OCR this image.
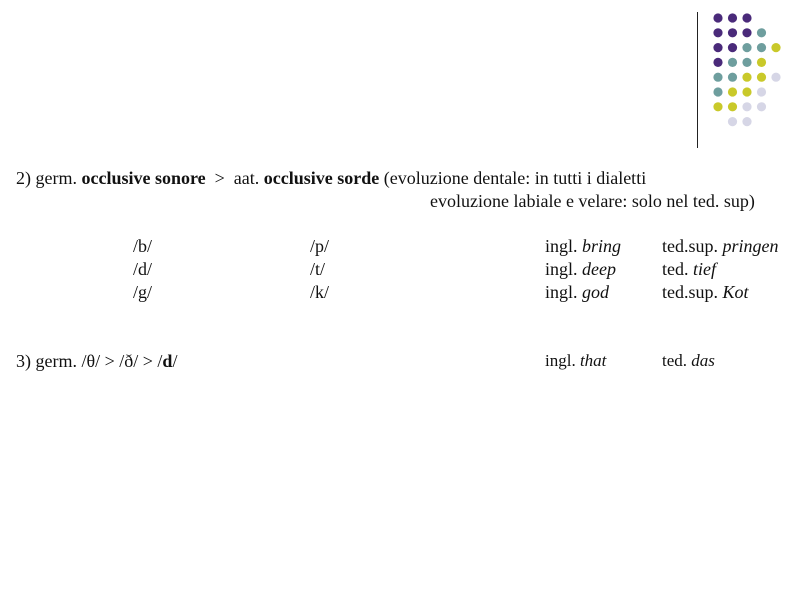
2) germ. occlusive sonore > aat. occlusive sorde (evoluzione dentale: in tutti i dialetti
evoluzione labiale e velare: solo nel ted. sup)
/b/	/p/	ingl. bring ted.sup. pringen
/d/	/t/	ingl. deep	ted. tief
/g/	/k/	ingl. god	ted.sup. Kot
3) germ. /θ/ > /ð/ > /d/	ingl. that	ted. das
